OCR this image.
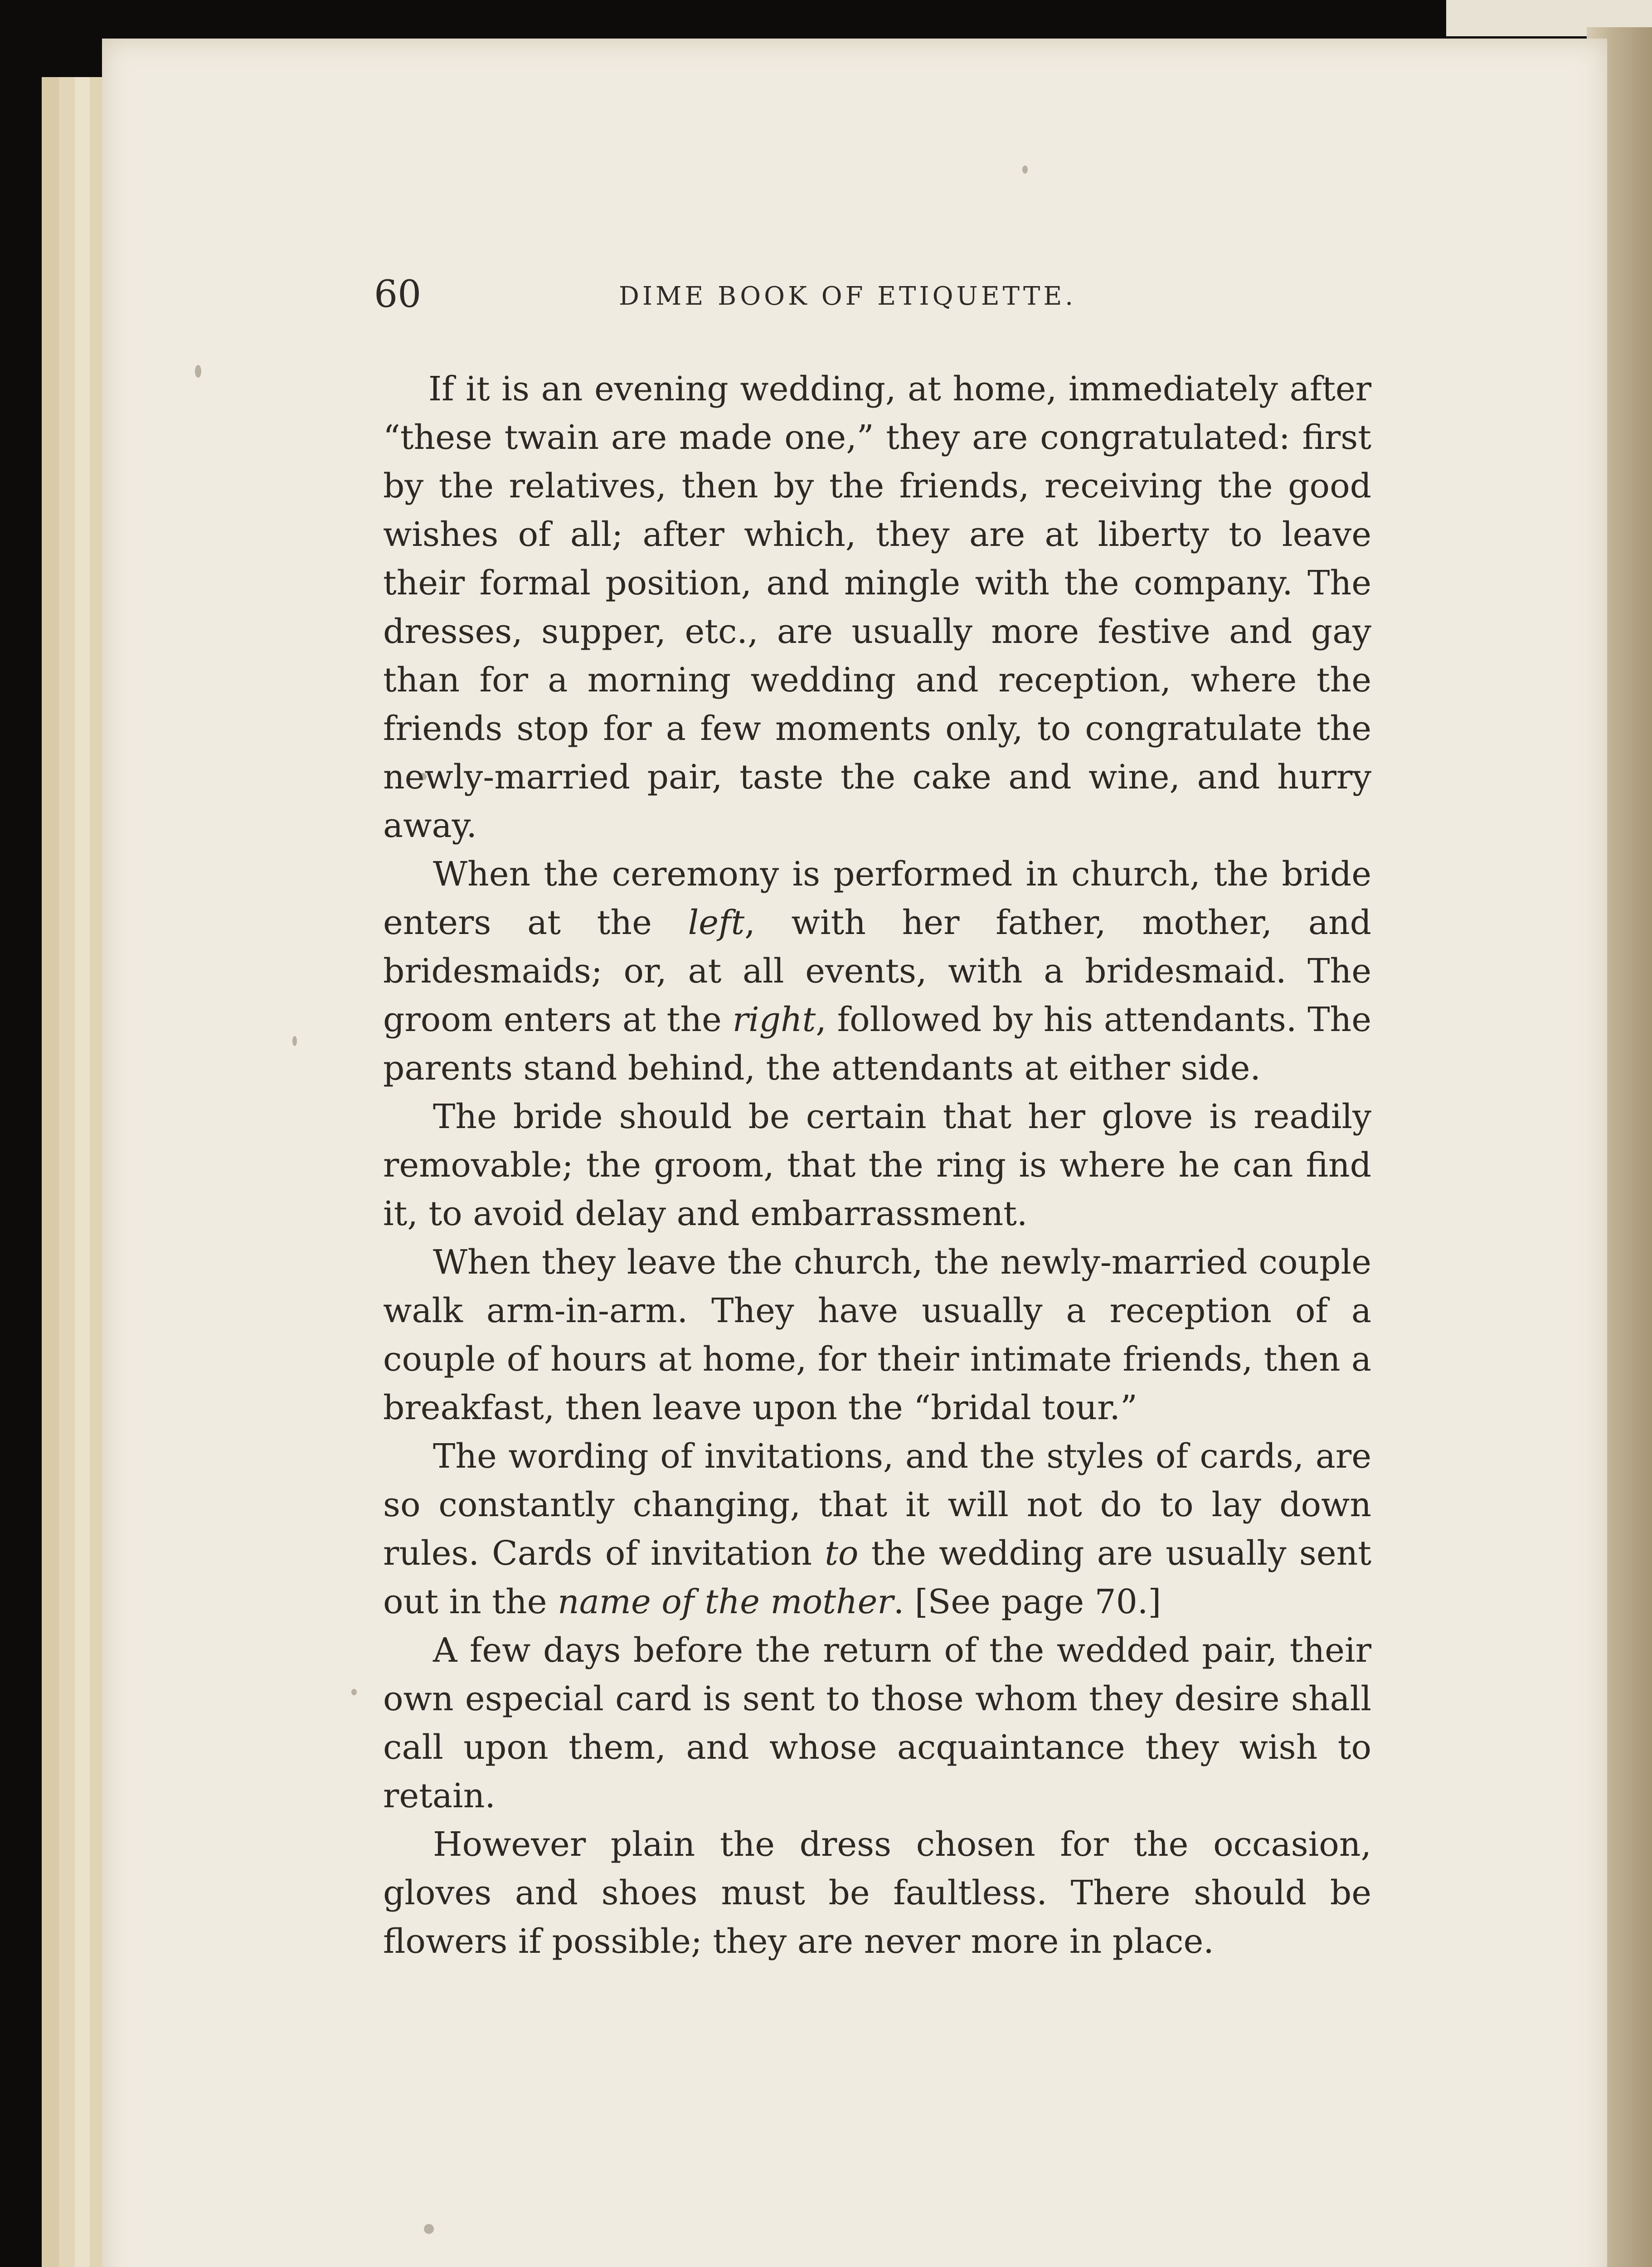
60	DIME BOOK OF ETIQUETTE.

If it is an evening wedding, at home, immediately after “these twain are made one,” they are congratulated: first by the relatives, then by the friends, receiving the good wishes of all; after which, they are at liberty to leave their formal position, and mingle with the company. The dresses, supper, etc., are usually more festive and gay than for a morning wedding and reception, where the friends stop for a few moments only, to congratulate the newly-married pair, taste the cake and wine, and hurry away.

When the ceremony is performed in church, the bride enters at the left, with her father, mother, and bridesmaids; or, at all events, with a bridesmaid. The groom enters at the right, followed by his attendants. The parents stand behind, the attendants at either side.

The bride should be certain that her glove is readily removable; the groom, that the ring is where he can find it, to avoid delay and embarrassment.

When they leave the church, the newly-married couple walk arm-in-arm. They have usually a reception of a couple of hours at home, for their intimate friends, then a breakfast, then leave upon the “bridal tour.”

The wording of invitations, and the styles of cards, are so constantly changing, that it will not do to lay down rules. Cards of invitation to the wedding are usually sent out in the name of the mother. [See page 70.]

A few days before the return of the wedded pair, their own especial card is sent to those whom they desire shall call upon them, and whose acquaintance they wish to retain.

However plain the dress chosen for the occasion, gloves and shoes must be faultless. There should be flowers if possible; they are never more in place.
